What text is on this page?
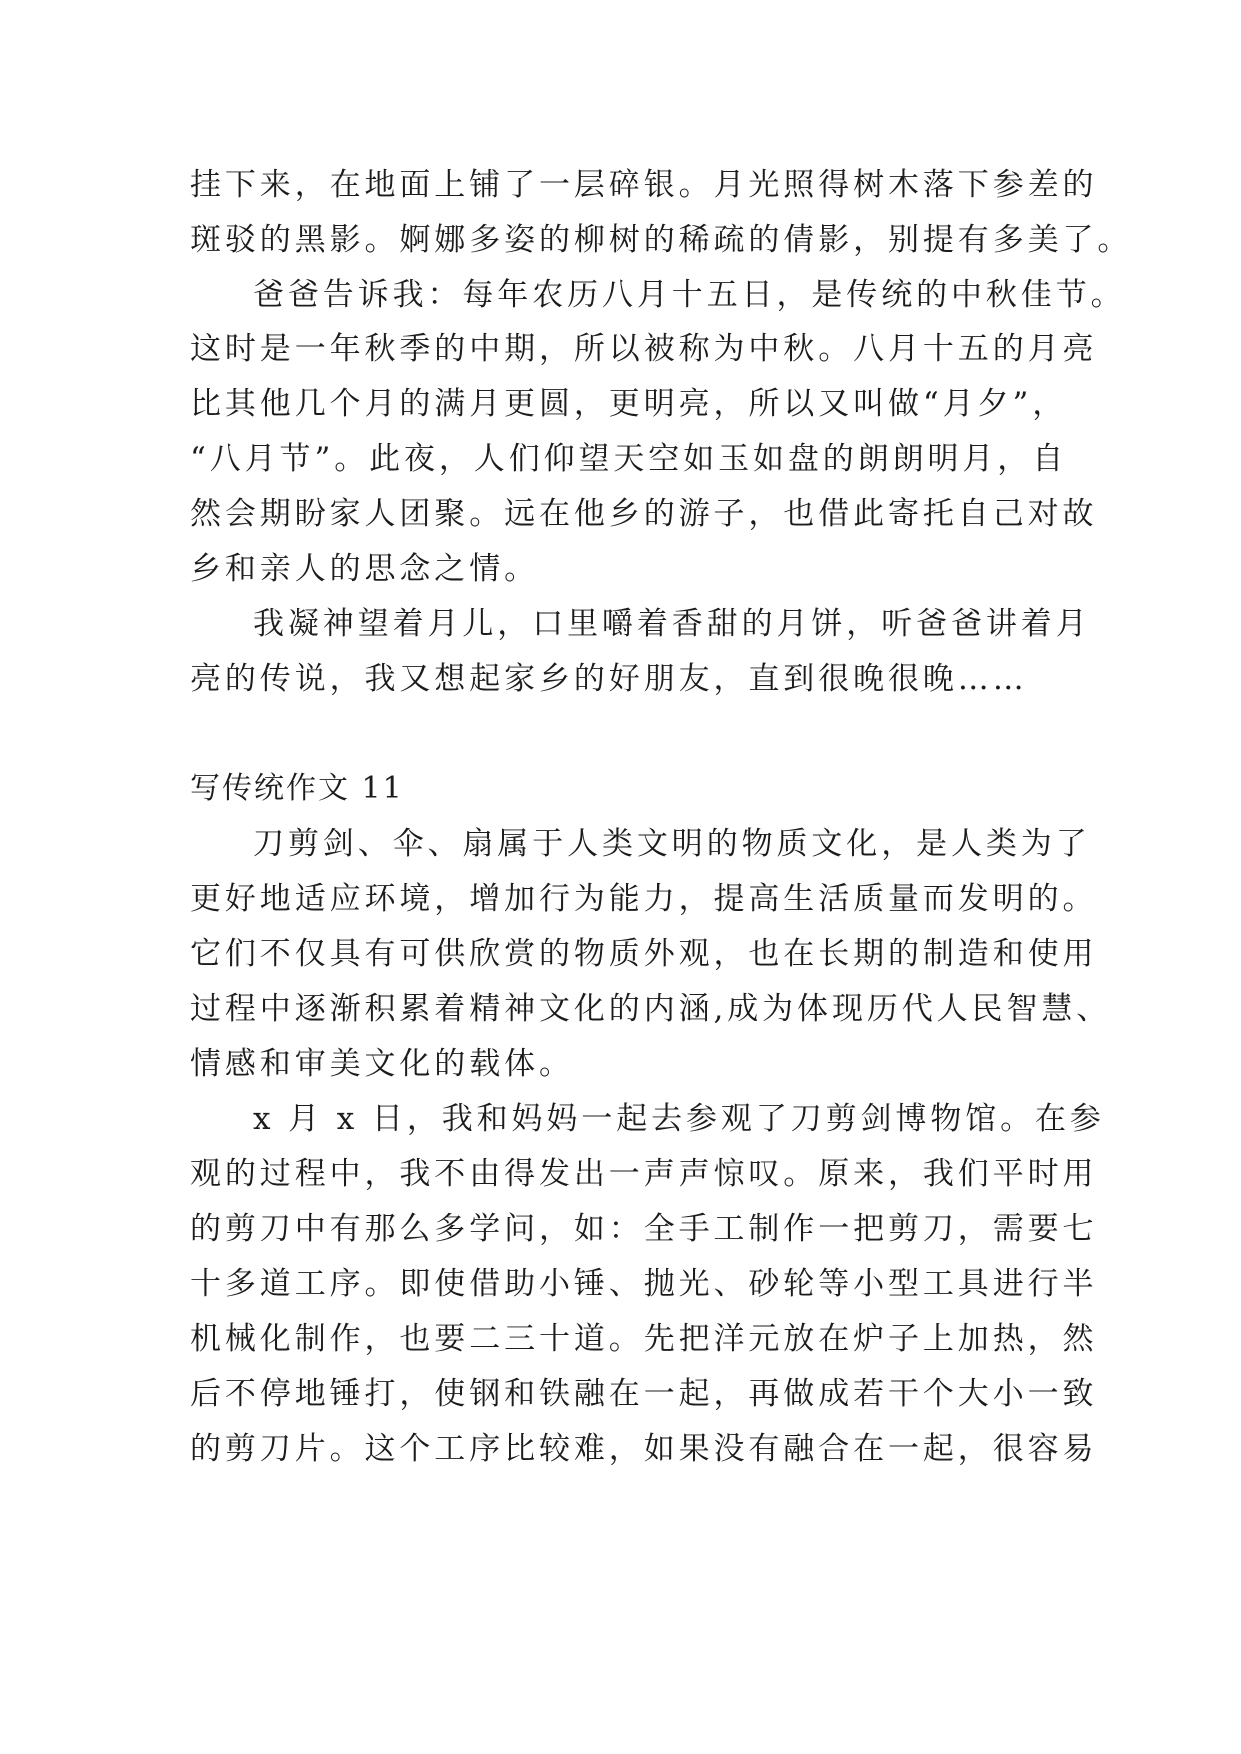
挂下来，在地面上铺了一层碎银。月光照得树木落下参差的
斑驳的黑影。婀娜多姿的柳树的稀疏的倩影，别提有多美了。
爸爸告诉我：每年农历八月十五日，是传统的中秋佳节。
这时是一年秋季的中期，所以被称为中秋。八月十五的月亮
比其他几个月的满月更圆，更明亮，所以又叫做“月夕”，
“八月节”。此夜，人们仰望天空如玉如盘的朗朗明月，自
然会期盼家人团聚。远在他乡的游子，也借此寄托自己对故
乡和亲人的思念之情。
我凝神望着月儿，口里嚼着香甜的月饼，听爸爸讲着月
亮的传说，我又想起家乡的好朋友，直到很晚很晚……
写传统作文 11
刀剪剑、伞、扇属于人类文明的物质文化，是人类为了
更好地适应环境，增加行为能力，提高生活质量而发明的。
它们不仅具有可供欣赏的物质外观，也在长期的制造和使用
过程中逐渐积累着精神文化的内涵,成为体现历代人民智慧、
情感和审美文化的载体。
x 月 x 日，我和妈妈一起去参观了刀剪剑博物馆。在参
观的过程中，我不由得发出一声声惊叹。原来，我们平时用
的剪刀中有那么多学问，如：全手工制作一把剪刀，需要七
十多道工序。即使借助小锤、抛光、砂轮等小型工具进行半
机械化制作，也要二三十道。先把洋元放在炉子上加热，然
后不停地锤打，使钢和铁融在一起，再做成若干个大小一致
的剪刀片。这个工序比较难，如果没有融合在一起，很容易
